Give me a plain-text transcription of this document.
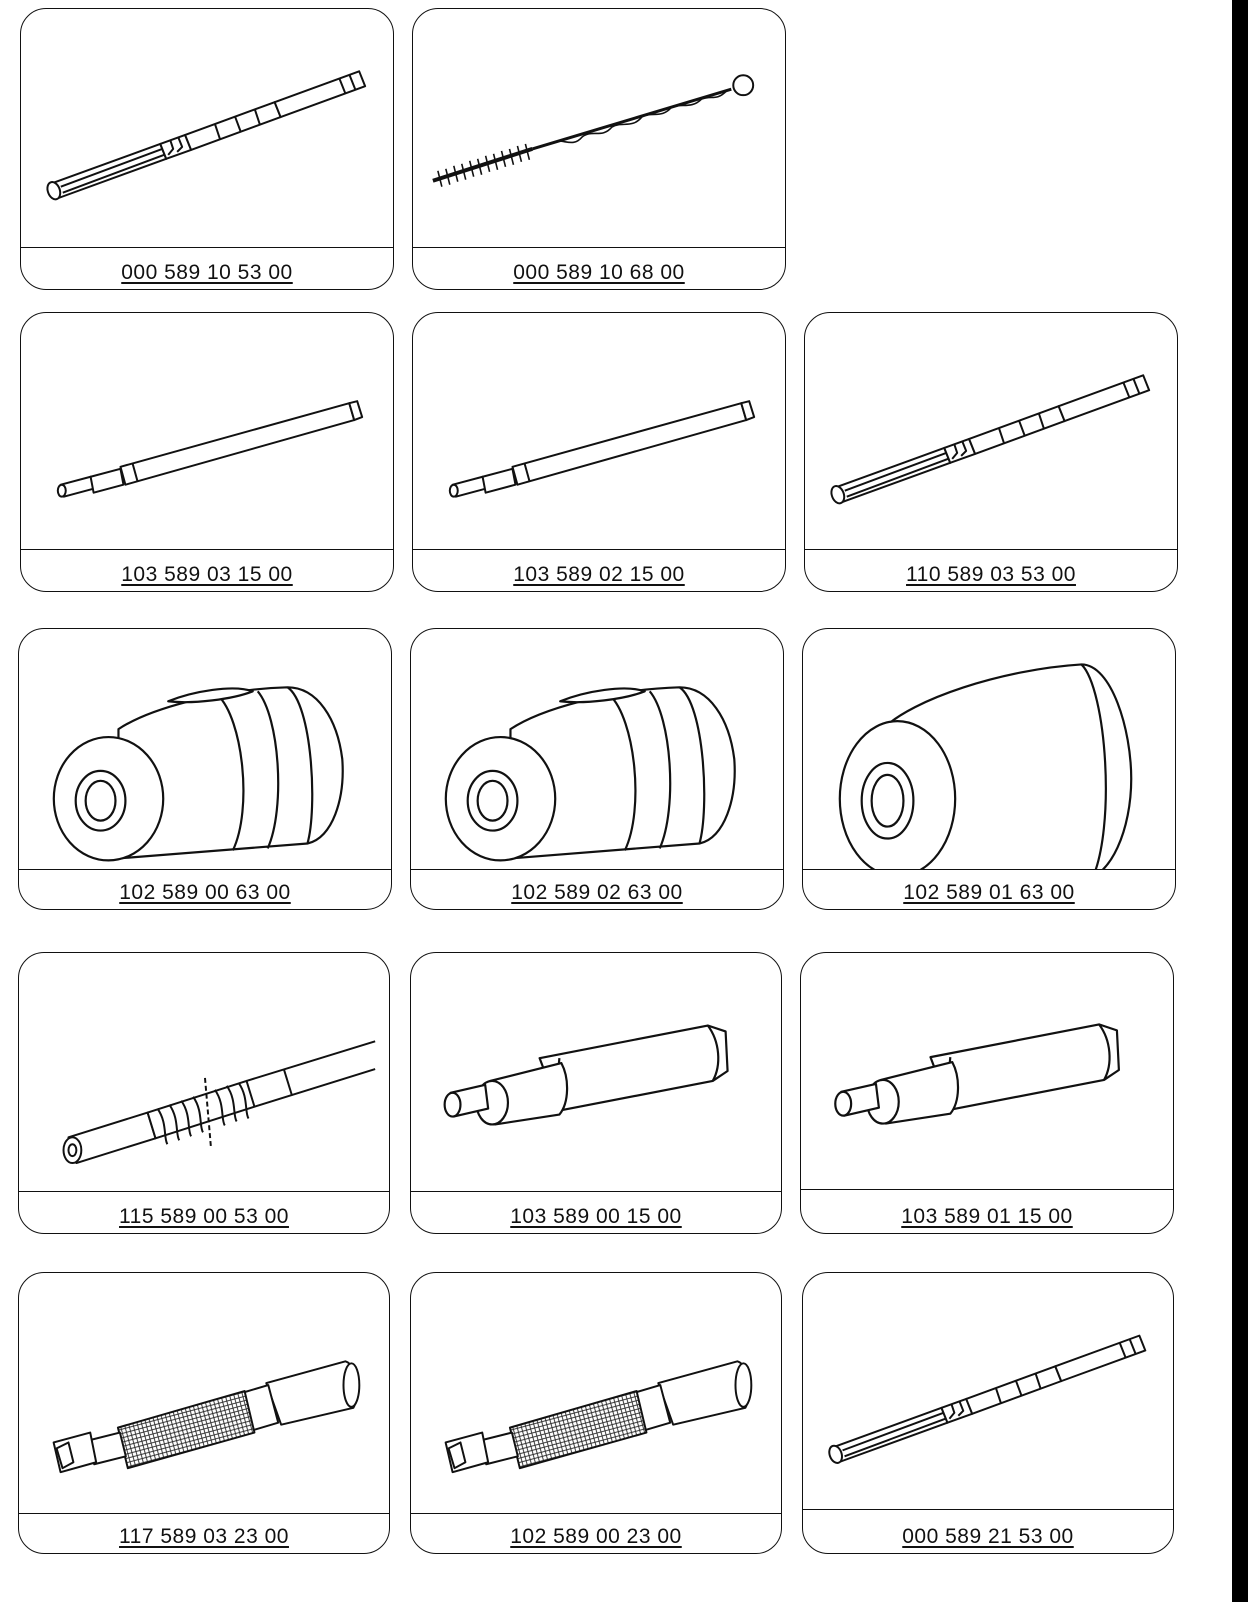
000 589 10 53 00	000 589 10 68 00
103 589 03 15 00	103 589 02 15 00	110 589 03 53 00
102 589 00 63 00	102 589 02 63 00	102 589 01 63 00
115 589 00 53 00	103 589 00 15 00	103 589 01 15 00
117 589 03 23 00	102 589 00 23 00	000 589 21 53 00
